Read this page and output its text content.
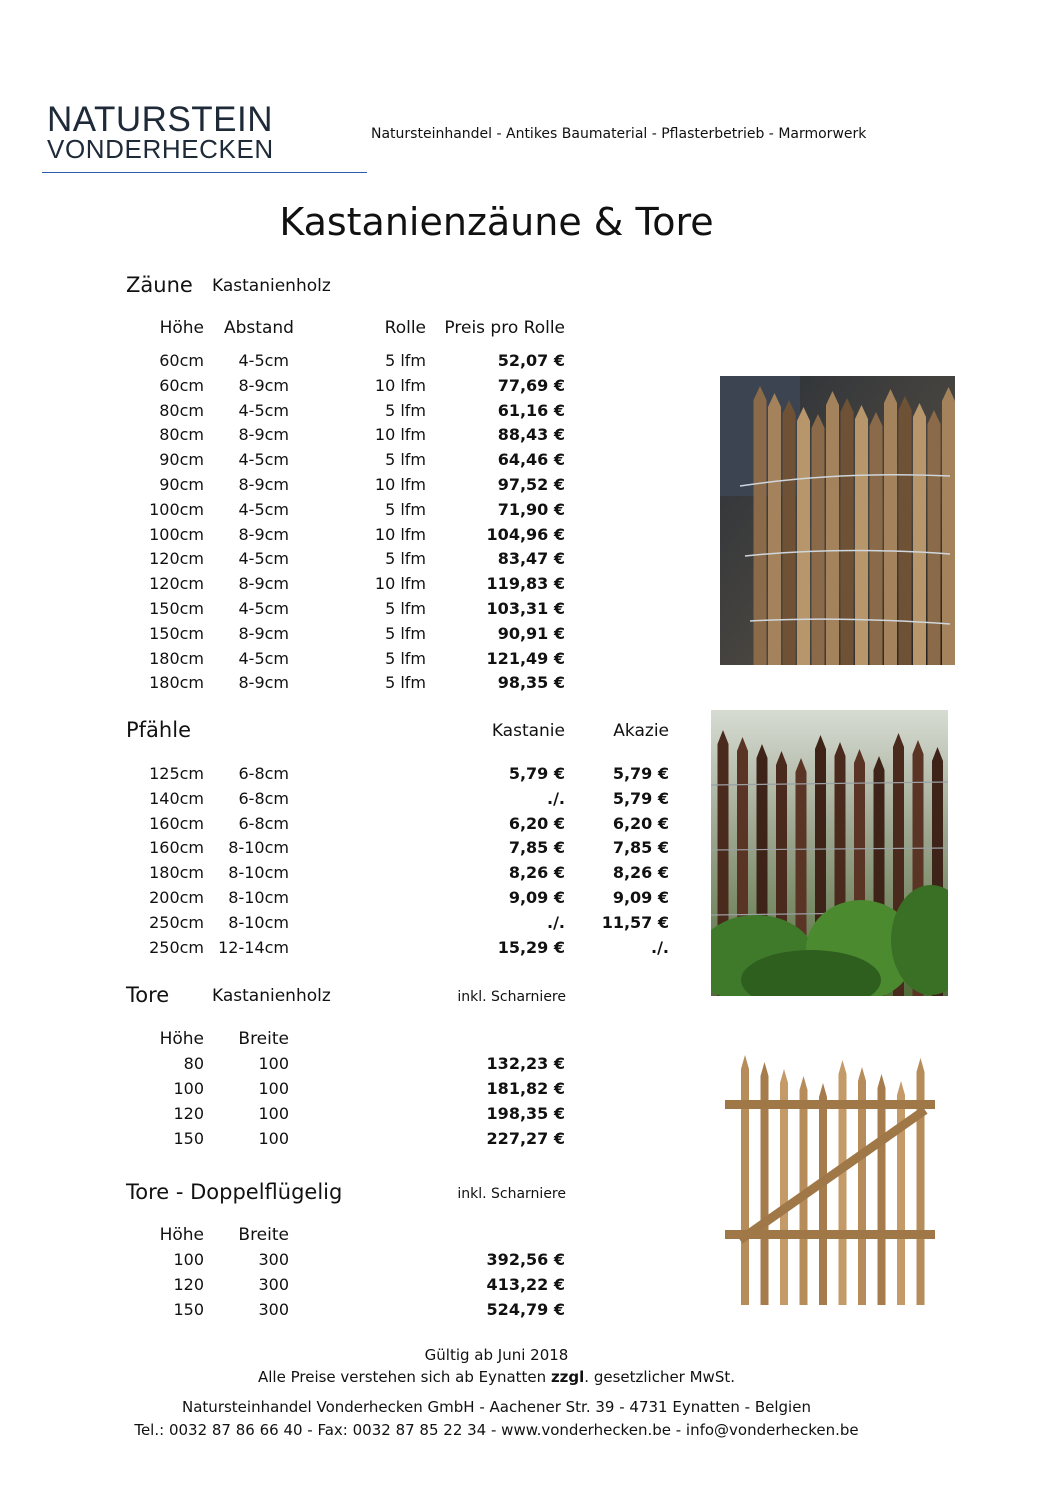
NATURSTEIN
VONDERHECKEN	Natursteinhandel - Antikes Baumaterial - Pflasterbetrieb - Marmorwerk
Kastanienzäune & Tore
Zäune Kastanienholz
Höhe Abstand	Rolle Preis pro Rolle
60cm 4-5cm	5 lfm	52,07 €
60cm 8-9cm	10 lfm	77,69 €
80cm 4-5cm	5 lfm	61,16 €
80cm 8-9cm	10 lfm	88,43 €
90cm 4-5cm	5 lfm	64,46 €
90cm 8-9cm	10 lfm	97,52 €
100cm 4-5cm	5 lfm	71,90 €
100cm 8-9cm	10 lfm	104,96 €
120cm 4-5cm	5 lfm	83,47 €
120cm 8-9cm	10 lfm	119,83 €
150cm 4-5cm	5 lfm	103,31 €
150cm 8-9cm	5 lfm	90,91 €
180cm 4-5cm	5 lfm	121,49 €
180cm 8-9cm	5 lfm	98,35 €
Pfähle	Kastanie	Akazie
125cm 6-8cm	5,79 €	5,79 €
140cm 6-8cm	./.	5,79 €
160cm 6-8cm	6,20 €	6,20 €
160cm 8-10cm	7,85 €	7,85 €
180cm 8-10cm	8,26 €	8,26 €
200cm 8-10cm	9,09 €	9,09 €
250cm 8-10cm	./. 11,57 €
250cm 12-14cm	15,29 €	./.
Tore	Kastanienholz	inkl. Scharniere
Höhe Breite
80	100	132,23 €
100	100	181,82 €
120	100	198,35 €
150	100	227,27 €
Tore - Doppelflügelig	inkl. Scharniere
Höhe Breite
100	300	392,56 €
120	300	413,22 €
150	300	524,79 €
Gültig ab Juni 2018
Alle Preise verstehen sich ab Eynatten zzgl. gesetzlicher MwSt.
Natursteinhandel Vonderhecken GmbH - Aachener Str. 39 - 4731 Eynatten - Belgien
Tel.: 0032 87 86 66 40 - Fax: 0032 87 85 22 34 - www.vonderhecken.be - info@vonderhecken.be
